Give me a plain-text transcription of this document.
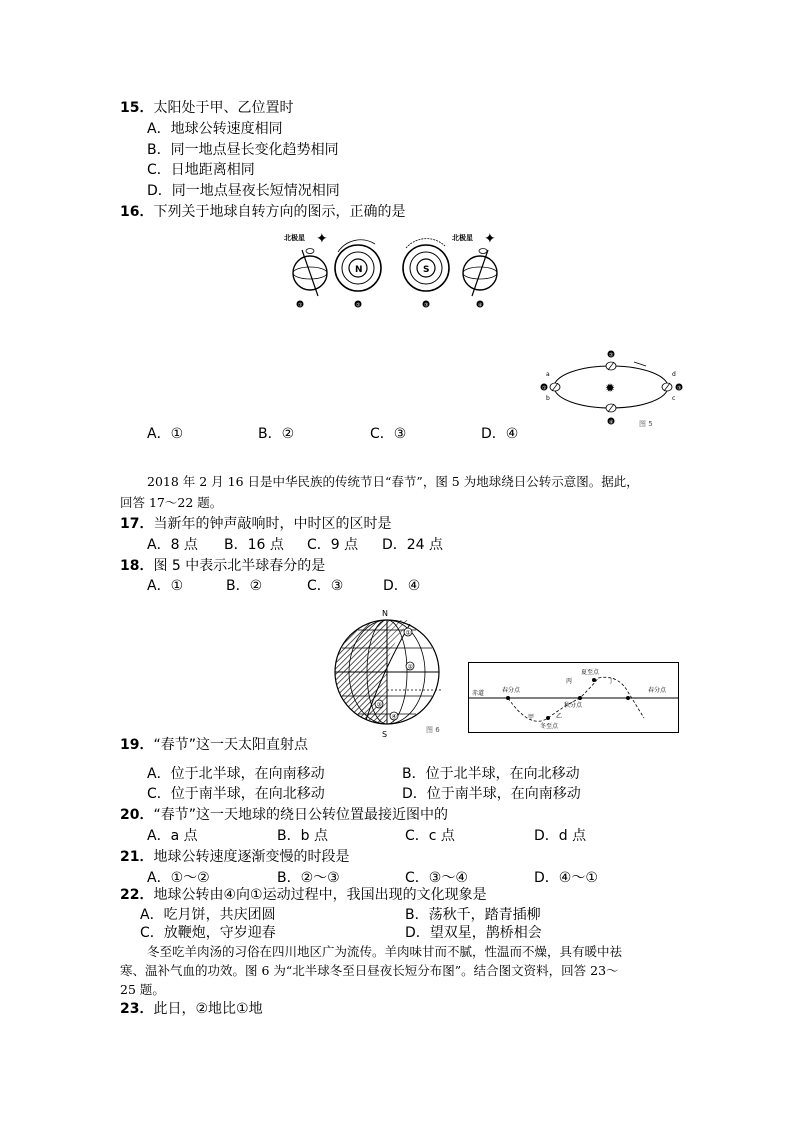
15．太阳处于甲、乙位置时
A．地球公转速度相同
B．同一地点昼长变化趋势相同
C．日地距离相同
D．同一地点昼夜长短情况相同
16．下列关于地球自转方向的图示，正确的是
北极星 ✦
①
N
②
S
③
北极星 ✦
④
✹
②
④
①	③
a
b	c
d
图 5
A．①	B．②	C．③	D．④
2018 年 2 月 16 日是中华民族的传统节日“春节”，图 5 为地球绕日公转示意图。据此，
回答 17～22 题。
17．当新年的钟声敲响时，中时区的区时是
A．8 点 B．16 点 C．9 点 D．24 点
18．图 5 中表示北半球春分的是
A．①	B．②	C．③	D．④
N
S
①
②
③
④
图 6
赤道	春分点
秋分点
夏至点
冬至点
春分点
丙	丁
甲	乙
19．“春节”这一天太阳直射点
A．位于北半球，在向南移动	B．位于北半球，在向北移动
C．位于南半球，在向北移动	D．位于南半球，在向南移动
20．“春节”这一天地球的绕日公转位置最接近图中的
A．a 点	B．b 点	C．c 点	D．d 点
21．地球公转速度逐渐变慢的时段是
A．①～②	B．②～③	C．③～④	D．④～①
22．地球公转由④向①运动过程中，我国出现的文化现象是
A．吃月饼，共庆团圆	B．荡秋千，踏青插柳
C．放鞭炮，守岁迎春	D．望双星，鹊桥相会
冬至吃羊肉汤的习俗在四川地区广为流传。羊肉味甘而不腻，性温而不燥，具有暖中祛
寒、温补气血的功效。图 6 为“北半球冬至日昼夜长短分布图”。结合图文资料，回答 23～
25 题。
23．此日，②地比①地
